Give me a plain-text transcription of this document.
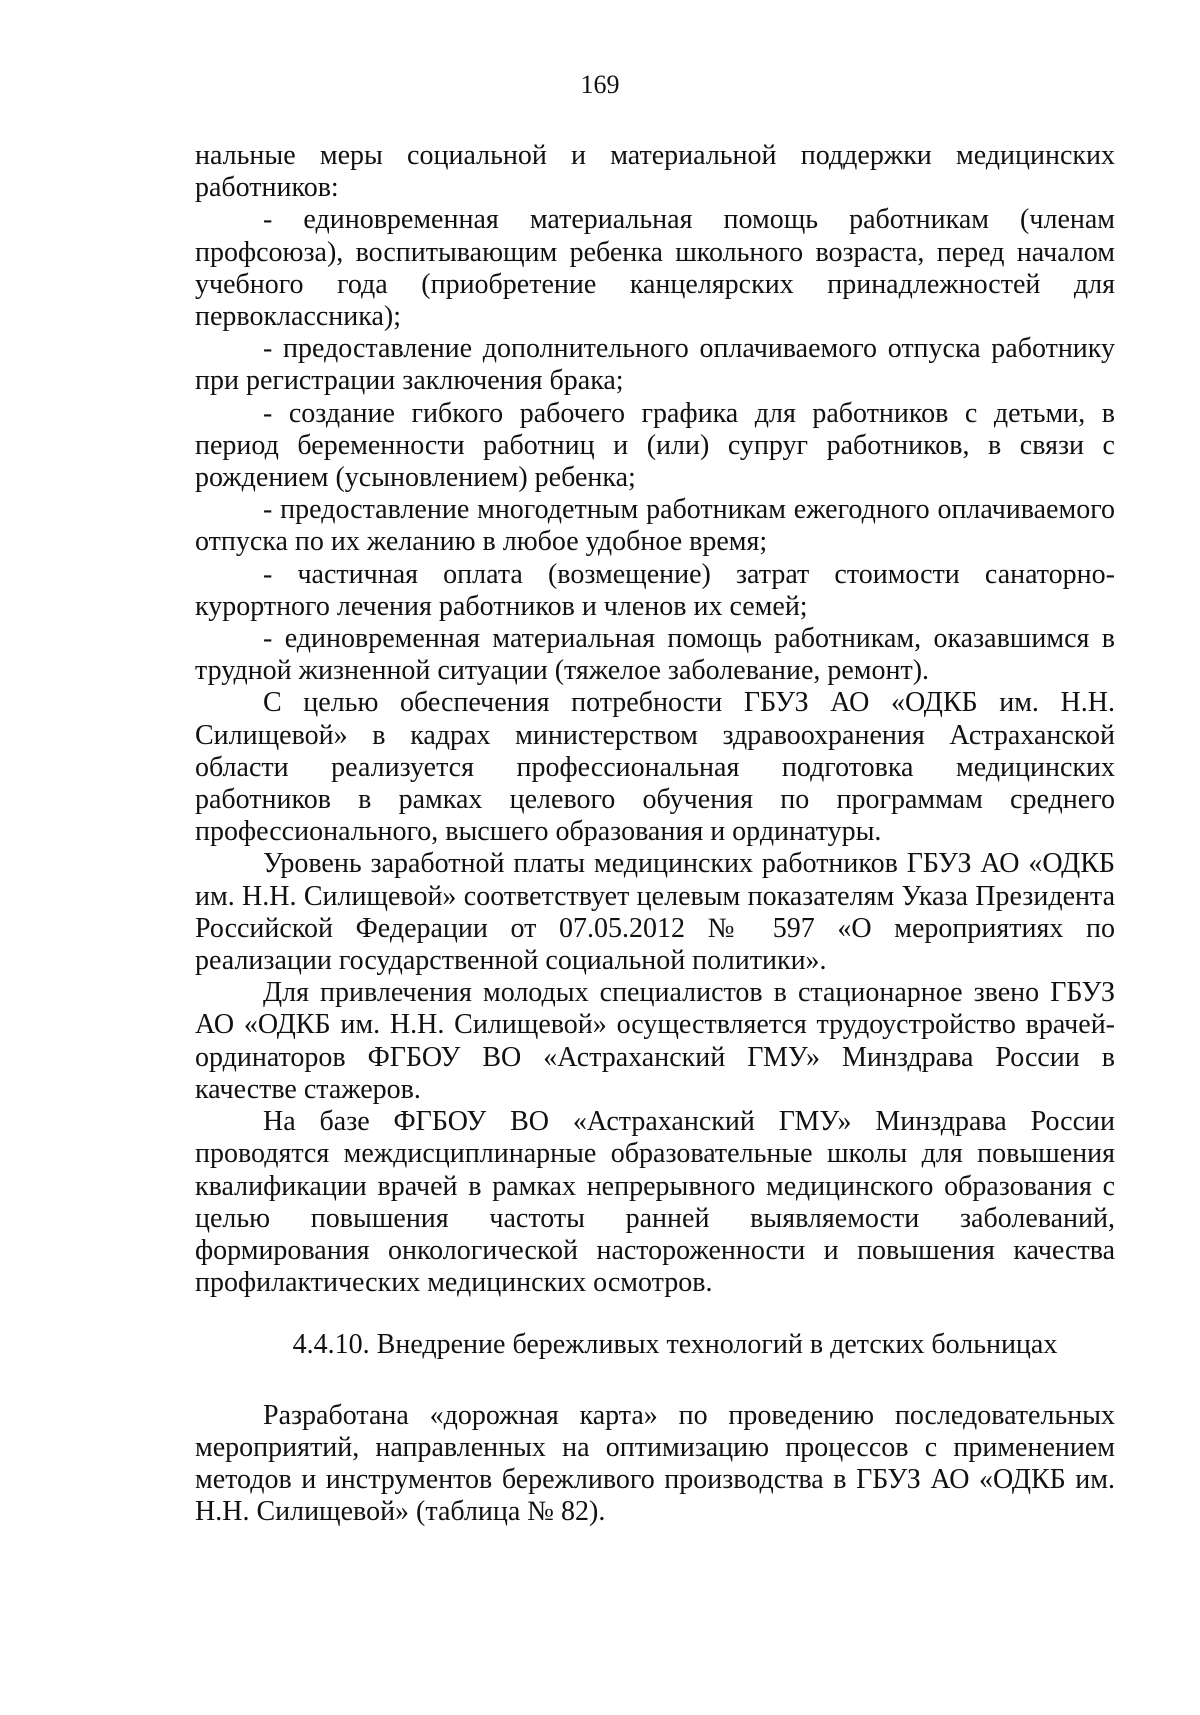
169

нальные меры социальной и материальной поддержки медицинских работников:

- единовременная материальная помощь работникам (членам профсоюза), воспитывающим ребенка школьного возраста, перед началом учебного года (приобретение канцелярских принадлежностей для первоклассника);

- предоставление дополнительного оплачиваемого отпуска работнику при регистрации заключения брака;

- создание гибкого рабочего графика для работников с детьми, в период беременности работниц и (или) супруг работников, в связи с рождением (усыновлением) ребенка;

- предоставление многодетным работникам ежегодного оплачиваемого отпуска по их желанию в любое удобное время;

- частичная оплата (возмещение) затрат стоимости санаторно-курортного лечения работников и членов их семей;

- единовременная материальная помощь работникам, оказавшимся в трудной жизненной ситуации (тяжелое заболевание, ремонт).

С целью обеспечения потребности ГБУЗ АО «ОДКБ им. Н.Н. Силищевой» в кадрах министерством здравоохранения Астраханской области реализуется профессиональная подготовка медицинских работников в рамках целевого обучения по программам среднего профессионального, высшего образования и ординатуры.

Уровень заработной платы медицинских работников ГБУЗ АО «ОДКБ им. Н.Н. Силищевой» соответствует целевым показателям Указа Президента Российской Федерации от 07.05.2012 № 597 «О мероприятиях по реализации государственной социальной политики».

Для привлечения молодых специалистов в стационарное звено ГБУЗ АО «ОДКБ им. Н.Н. Силищевой» осуществляется трудоустройство врачей-ординаторов ФГБОУ ВО «Астраханский ГМУ» Минздрава России в качестве стажеров.

На базе ФГБОУ ВО «Астраханский ГМУ» Минздрава России проводятся междисциплинарные образовательные школы для повышения квалификации врачей в рамках непрерывного медицинского образования с целью повышения частоты ранней выявляемости заболеваний, формирования онкологической настороженности и повышения качества профилактических медицинских осмотров.

4.4.10. Внедрение бережливых технологий в детских больницах

Разработана «дорожная карта» по проведению последовательных мероприятий, направленных на оптимизацию процессов с применением методов и инструментов бережливого производства в ГБУЗ АО «ОДКБ им. Н.Н. Силищевой» (таблица № 82).
